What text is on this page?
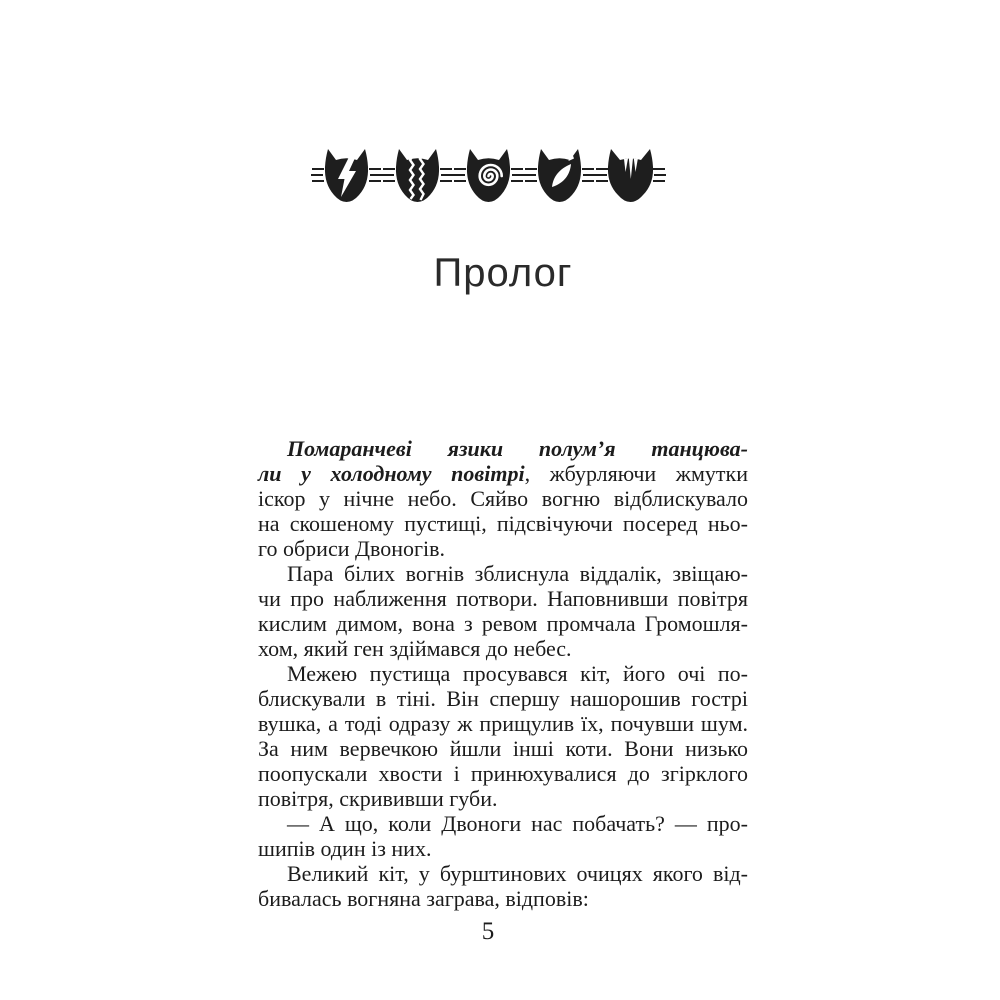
Пролог
Помаранчеві язики полум’я танцюва-
ли у холодному повітрі, жбурляючи жмутки
іскор у нічне небо. Сяйво вогню відблискувало
на скошеному пустищі, підсвічуючи посеред ньо-
го обриси Двоногів.
Пара білих вогнів зблиснула віддалік, звіщаю-
чи про наближення потвори. Наповнивши повітря
кислим димом, вона з ревом промчала Громошля-
хом, який ген здіймався до небес.
Межею пустища просувався кіт, його очі по-
блискували в тіні. Він спершу нашорошив гострі
вушка, а тоді одразу ж прищулив їх, почувши шум.
За ним вервечкою йшли інші коти. Вони низько
поопускали хвости і принюхувалися до згірклого
повітря, скрививши губи.
— А що, коли Двоноги нас побачать? — про-
шипів один із них.
Великий кіт, у бурштинових очицях якого від-
бивалась вогняна заграва, відповів:
5
